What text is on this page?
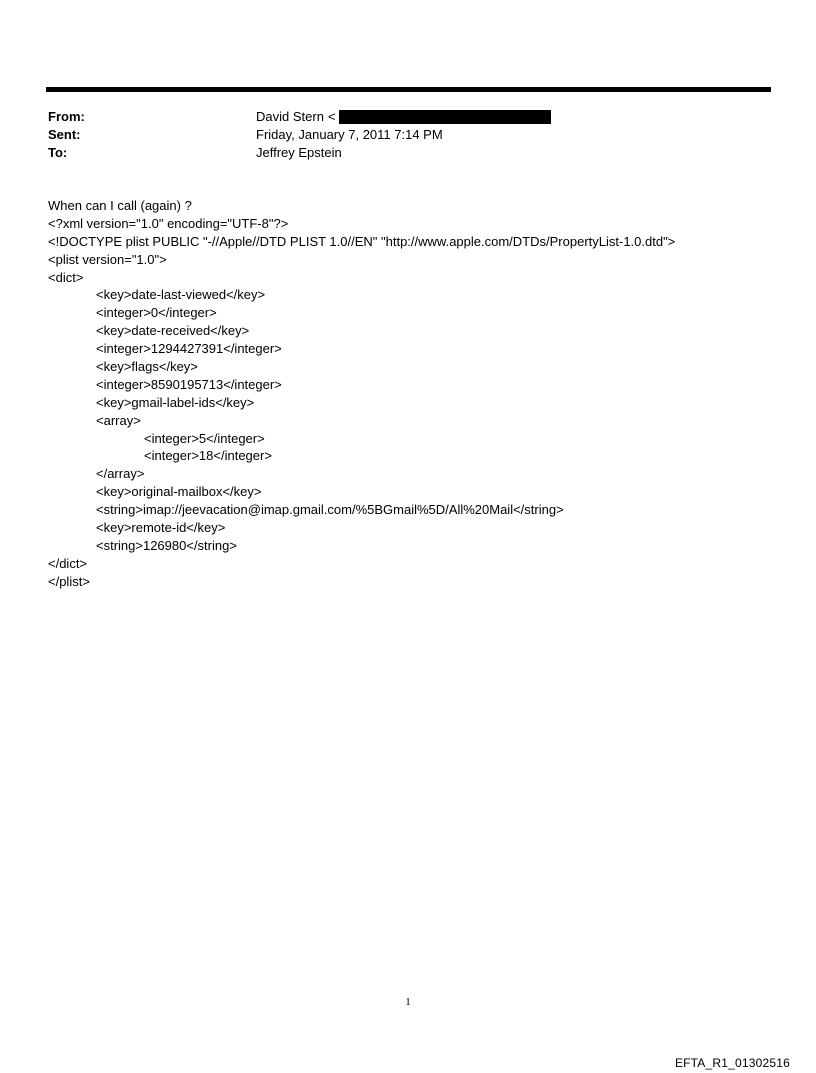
From:	David Stern <
Sent:	Friday, January 7, 2011 7:14 PM
To:	Jeffrey Epstein
When can I call (again) ?
<?xml version="1.0" encoding="UTF-8"?>
<!DOCTYPE plist PUBLIC "-//Apple//DTD PLIST 1.0//EN" "http://www.apple.com/DTDs/PropertyList-1.0.dtd">
<plist version="1.0">
<dict>
<key>date-last-viewed</key>
<integer>0</integer>
<key>date-received</key>
<integer>1294427391</integer>
<key>flags</key>
<integer>8590195713</integer>
<key>gmail-label-ids</key>
<array>
<integer>5</integer>
<integer>18</integer>
</array>
<key>original-mailbox</key>
<string>imap://jeevacation@imap.gmail.com/%5BGmail%5D/All%20Mail</string>
<key>remote-id</key>
<string>126980</string>
</dict>
</plist>
1
EFTA_R1_01302516
